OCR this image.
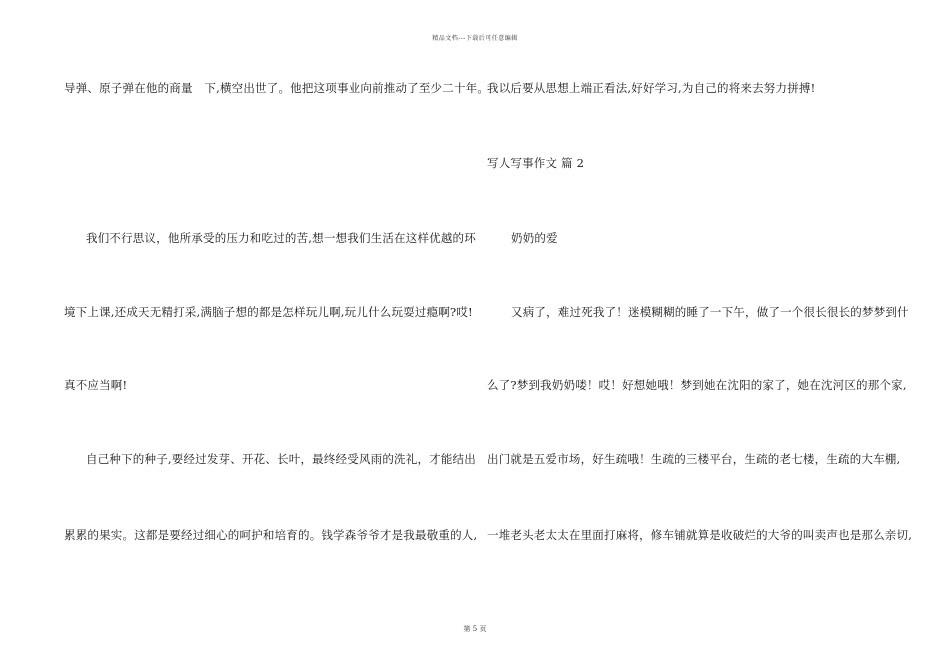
精品文档---下载后可任意编辑
导弹、原子弹在他的商量　下,横空出世了。他把这项事业向前推动了至少二十年。
我们不行思议，他所承受的压力和吃过的苦,想一想我们生活在这样优越的环
境下上课,还成天无精打采,满脑子想的都是怎样玩儿啊,玩儿什么玩耍过瘾啊?哎!
真不应当啊!
自己种下的种子,要经过发芽、开花、长叶，最终经受风雨的洗礼，才能结出
累累的果实。这都是要经过细心的呵护和培育的。钱学森爷爷才是我最敬重的人,
我以后要从思想上端正看法,好好学习,为自己的将来去努力拼搏!
写人写事作文 篇 2
奶奶的爱
又病了，难过死我了！迷模糊糊的睡了一下午，做了一个很长很长的梦梦到什
么了?梦到我奶奶喽！哎！好想她哦！梦到她在沈阳的家了，她在沈河区的那个家,
出门就是五爱市场，好生疏哦！生疏的三楼平台，生疏的老七楼，生疏的大车棚,
一堆老头老太太在里面打麻将，修车铺就算是收破烂的大爷的叫卖声也是那么亲切,
第 5 页
